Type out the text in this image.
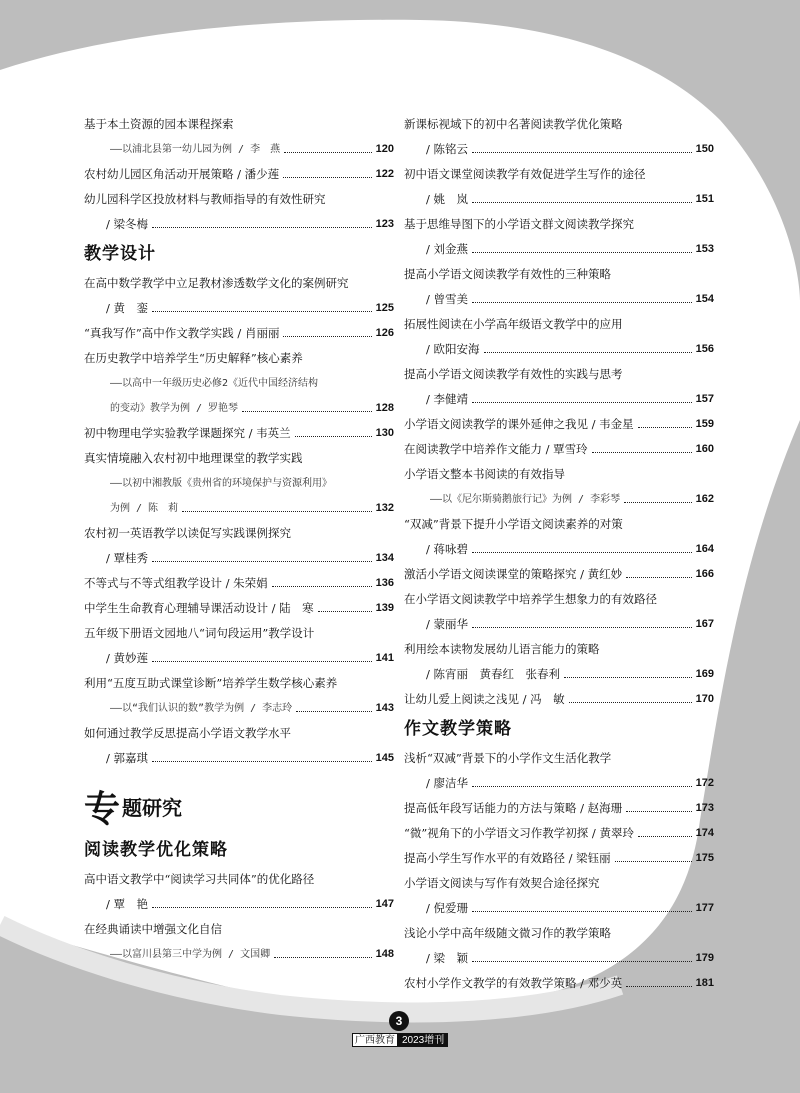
基于本土资源的园本课程探索
——以浦北县第一幼儿园为例 / 李　燕	120
农村幼儿园区角活动开展策略 / 潘少莲	122
幼儿园科学区投放材料与教师指导的有效性研究
/ 梁冬梅	123
教学设计
在高中数学教学中立足教材渗透数学文化的案例研究
/ 黄　銮	125
“真我写作”高中作文教学实践 / 肖丽丽	126
在历史教学中培养学生“历史解释”核心素养
——以高中一年级历史必修2《近代中国经济结构
的变动》教学为例 / 罗艳琴	128
初中物理电学实验教学课题探究 / 韦英兰	130
真实情境融入农村初中地理课堂的教学实践
——以初中湘教版《贵州省的环境保护与资源利用》
为例 / 陈　莉	132
农村初一英语教学以读促写实践课例探究
/ 覃桂秀	134
不等式与不等式组教学设计 / 朱荣娟	136
中学生生命教育心理辅导课活动设计 / 陆　寒	139
五年级下册语文园地八“词句段运用”教学设计
/ 黄妙莲	141
利用“五度互助式课堂诊断”培养学生数学核心素养
——以“我们认识的数”教学为例 / 李志玲	143
如何通过教学反思提高小学语文教学水平
/ 郭嘉琪	145
专 题研究
阅读教学优化策略
高中语文教学中“阅读学习共同体”的优化路径
/ 覃　艳	147
在经典诵读中增强文化自信
——以富川县第三中学为例 / 文国卿	148
新课标视域下的初中名著阅读教学优化策略
/ 陈铭云	150
初中语文课堂阅读教学有效促进学生写作的途径
/ 姚　岚	151
基于思维导图下的小学语文群文阅读教学探究
/ 刘金燕	153
提高小学语文阅读教学有效性的三种策略
/ 曾雪美	154
拓展性阅读在小学高年级语文教学中的应用
/ 欧阳安海	156
提高小学语文阅读教学有效性的实践与思考
/ 李健靖	157
小学语文阅读教学的课外延伸之我见 / 韦金星	159
在阅读教学中培养作文能力 / 覃雪玲	160
小学语文整本书阅读的有效指导
——以《尼尔斯骑鹅旅行记》为例 / 李彩琴	162
“双减”背景下提升小学语文阅读素养的对策
/ 蒋咏碧	164
激活小学语文阅读课堂的策略探究 / 黄红妙	166
在小学语文阅读教学中培养学生想象力的有效路径
/ 蒙丽华	167
利用绘本读物发展幼儿语言能力的策略
/ 陈宵丽　黄春红　张春利	169
让幼儿爱上阅读之浅见 / 冯　敏	170
作文教学策略
浅析“双减”背景下的小学作文生活化教学
/ 廖洁华	172
提高低年段写话能力的方法与策略 / 赵海珊	173
“微”视角下的小学语文习作教学初探 / 黄翠玲	174
提高小学生写作水平的有效路径 / 梁钰丽	175
小学语文阅读与写作有效契合途径探究
/ 倪爱珊	177
浅论小学中高年级随文微习作的教学策略
/ 梁　颖	179
农村小学作文教学的有效教学策略 / 邓少英	181
3
广西教育 2023增刊
